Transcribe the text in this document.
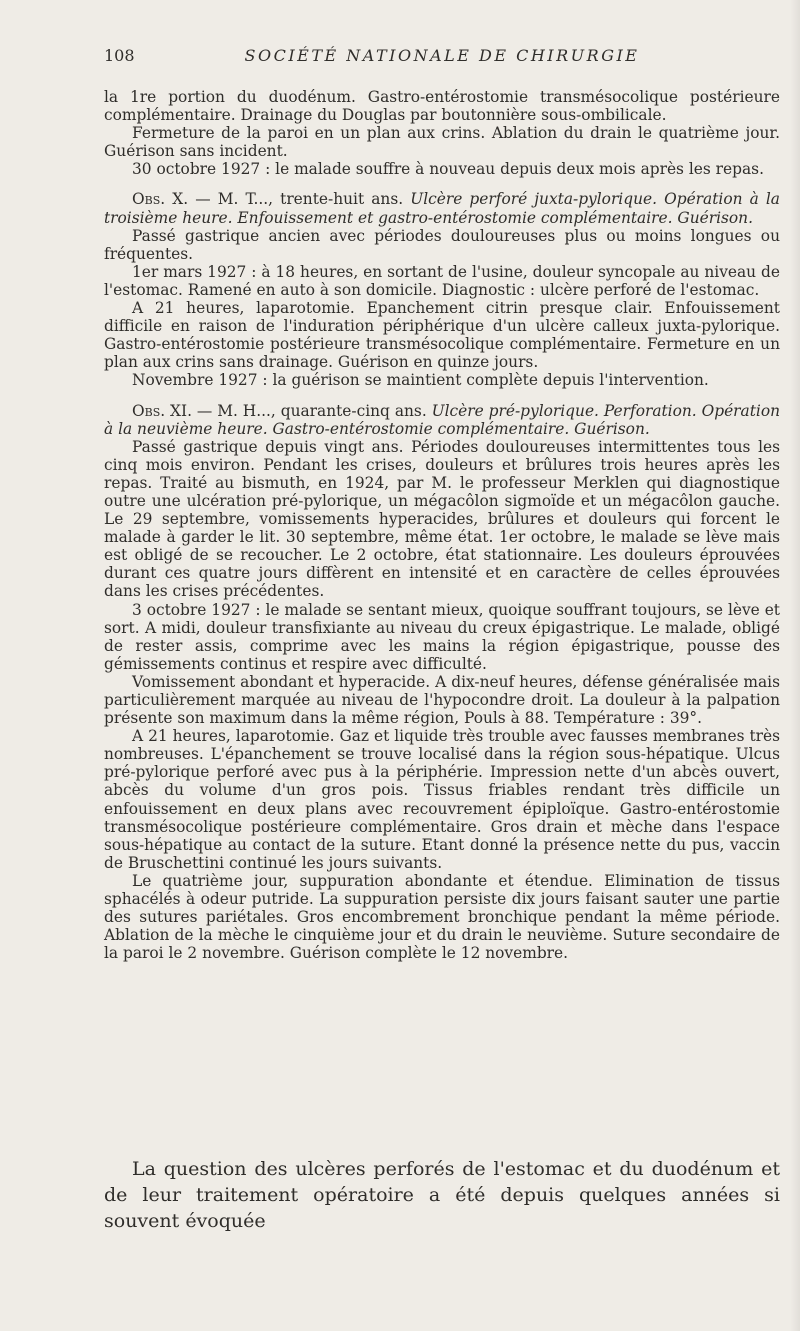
108	SOCIÉTÉ NATIONALE DE CHIRURGIE

la 1re portion du duodénum. Gastro-entérostomie transmésocolique postérieure complémentaire. Drainage du Douglas par boutonnière sous-ombilicale.

Fermeture de la paroi en un plan aux crins. Ablation du drain le quatrième jour. Guérison sans incident.

30 octobre 1927 : le malade souffre à nouveau depuis deux mois après les repas.

Obs. X. — M. T..., trente-huit ans. Ulcère perforé juxta-pylorique. Opération à la troisième heure. Enfouissement et gastro-entérostomie complémentaire. Guérison.

Passé gastrique ancien avec périodes douloureuses plus ou moins longues ou fréquentes.

1er mars 1927 : à 18 heures, en sortant de l'usine, douleur syncopale au niveau de l'estomac. Ramené en auto à son domicile. Diagnostic : ulcère perforé de l'estomac.

A 21 heures, laparotomie. Epanchement citrin presque clair. Enfouissement difficile en raison de l'induration périphérique d'un ulcère calleux juxta-pylorique. Gastro-entérostomie postérieure transmésocolique complémentaire. Fermeture en un plan aux crins sans drainage. Guérison en quinze jours.

Novembre 1927 : la guérison se maintient complète depuis l'intervention.

Obs. XI. — M. H..., quarante-cinq ans. Ulcère pré-pylorique. Perforation. Opération à la neuvième heure. Gastro-entérostomie complémentaire. Guérison.

Passé gastrique depuis vingt ans. Périodes douloureuses intermittentes tous les cinq mois environ. Pendant les crises, douleurs et brûlures trois heures après les repas. Traité au bismuth, en 1924, par M. le professeur Merklen qui diagnostique outre une ulcération pré-pylorique, un mégacôlon sigmoïde et un mégacôlon gauche. Le 29 septembre, vomissements hyperacides, brûlures et douleurs qui forcent le malade à garder le lit. 30 septembre, même état. 1er octobre, le malade se lève mais est obligé de se recoucher. Le 2 octobre, état stationnaire. Les douleurs éprouvées durant ces quatre jours diffèrent en intensité et en caractère de celles éprouvées dans les crises précédentes.

3 octobre 1927 : le malade se sentant mieux, quoique souffrant toujours, se lève et sort. A midi, douleur transfixiante au niveau du creux épigastrique. Le malade, obligé de rester assis, comprime avec les mains la région épigastrique, pousse des gémissements continus et respire avec difficulté.

Vomissement abondant et hyperacide. A dix-neuf heures, défense généralisée mais particulièrement marquée au niveau de l'hypocondre droit. La douleur à la palpation présente son maximum dans la même région, Pouls à 88. Température : 39°.

A 21 heures, laparotomie. Gaz et liquide très trouble avec fausses membranes très nombreuses. L'épanchement se trouve localisé dans la région sous-hépatique. Ulcus pré-pylorique perforé avec pus à la périphérie. Impression nette d'un abcès ouvert, abcès du volume d'un gros pois. Tissus friables rendant très difficile un enfouissement en deux plans avec recouvrement épiploïque. Gastro-entérostomie transmésocolique postérieure complémentaire. Gros drain et mèche dans l'espace sous-hépatique au contact de la suture. Etant donné la présence nette du pus, vaccin de Bruschettini continué les jours suivants.

Le quatrième jour, suppuration abondante et étendue. Elimination de tissus sphacélés à odeur putride. La suppuration persiste dix jours faisant sauter une partie des sutures pariétales. Gros encombrement bronchique pendant la même période. Ablation de la mèche le cinquième jour et du drain le neuvième. Suture secondaire de la paroi le 2 novembre. Guérison complète le 12 novembre.

La question des ulcères perforés de l'estomac et du duodénum et de leur traitement opératoire a été depuis quelques années si souvent évoquée
